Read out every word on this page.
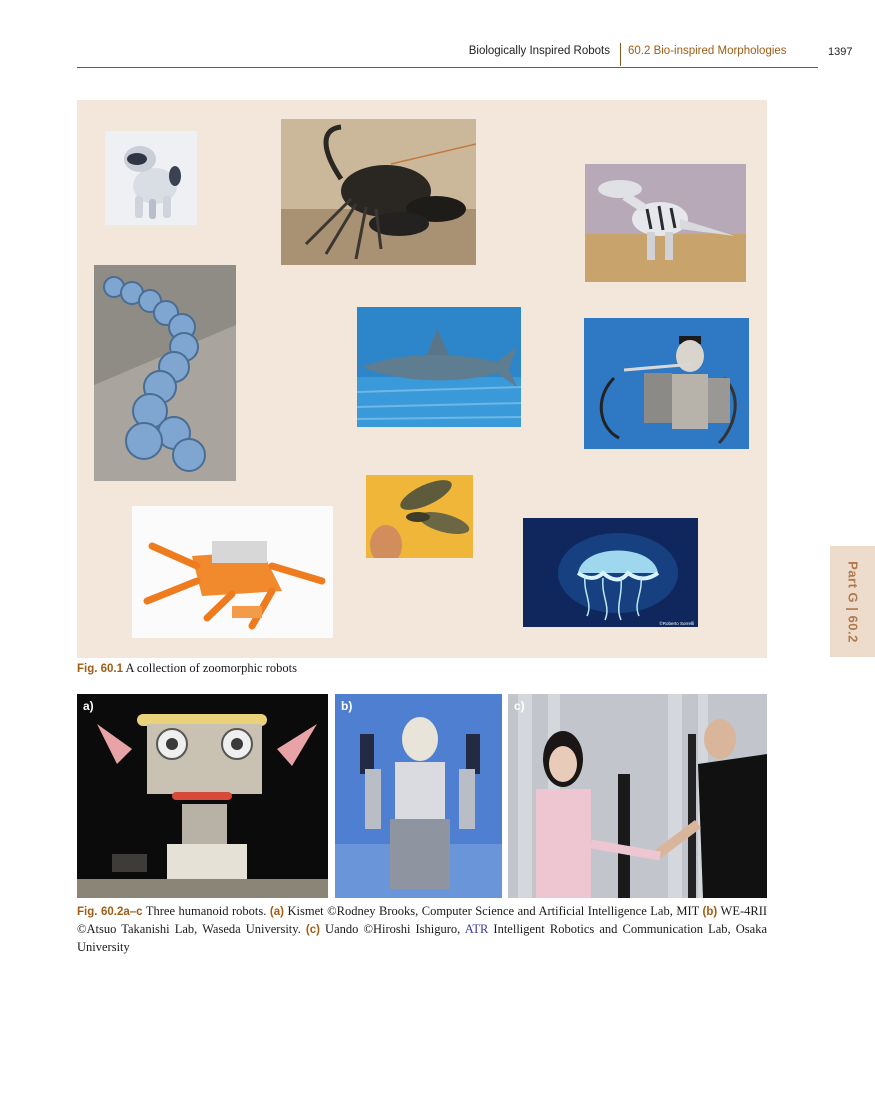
Biologically Inspired Robots 60.2 Bio-inspired Morphologies	1397
©Roberto Sorrelli	Part G | 60.2
Fig. 60.1 A collection of zoomorphic robots
a)	b)	c)
Fig. 60.2a–c Three humanoid robots. (a) Kismet ©Rodney Brooks, Computer Science and Artificial Intelligence Lab, MIT (b) WE-4RII ©Atsuo Takanishi Lab, Waseda University. (c) Uando ©Hiroshi Ishiguro, ATR Intelligent Robotics and Communication Lab, Osaka University
